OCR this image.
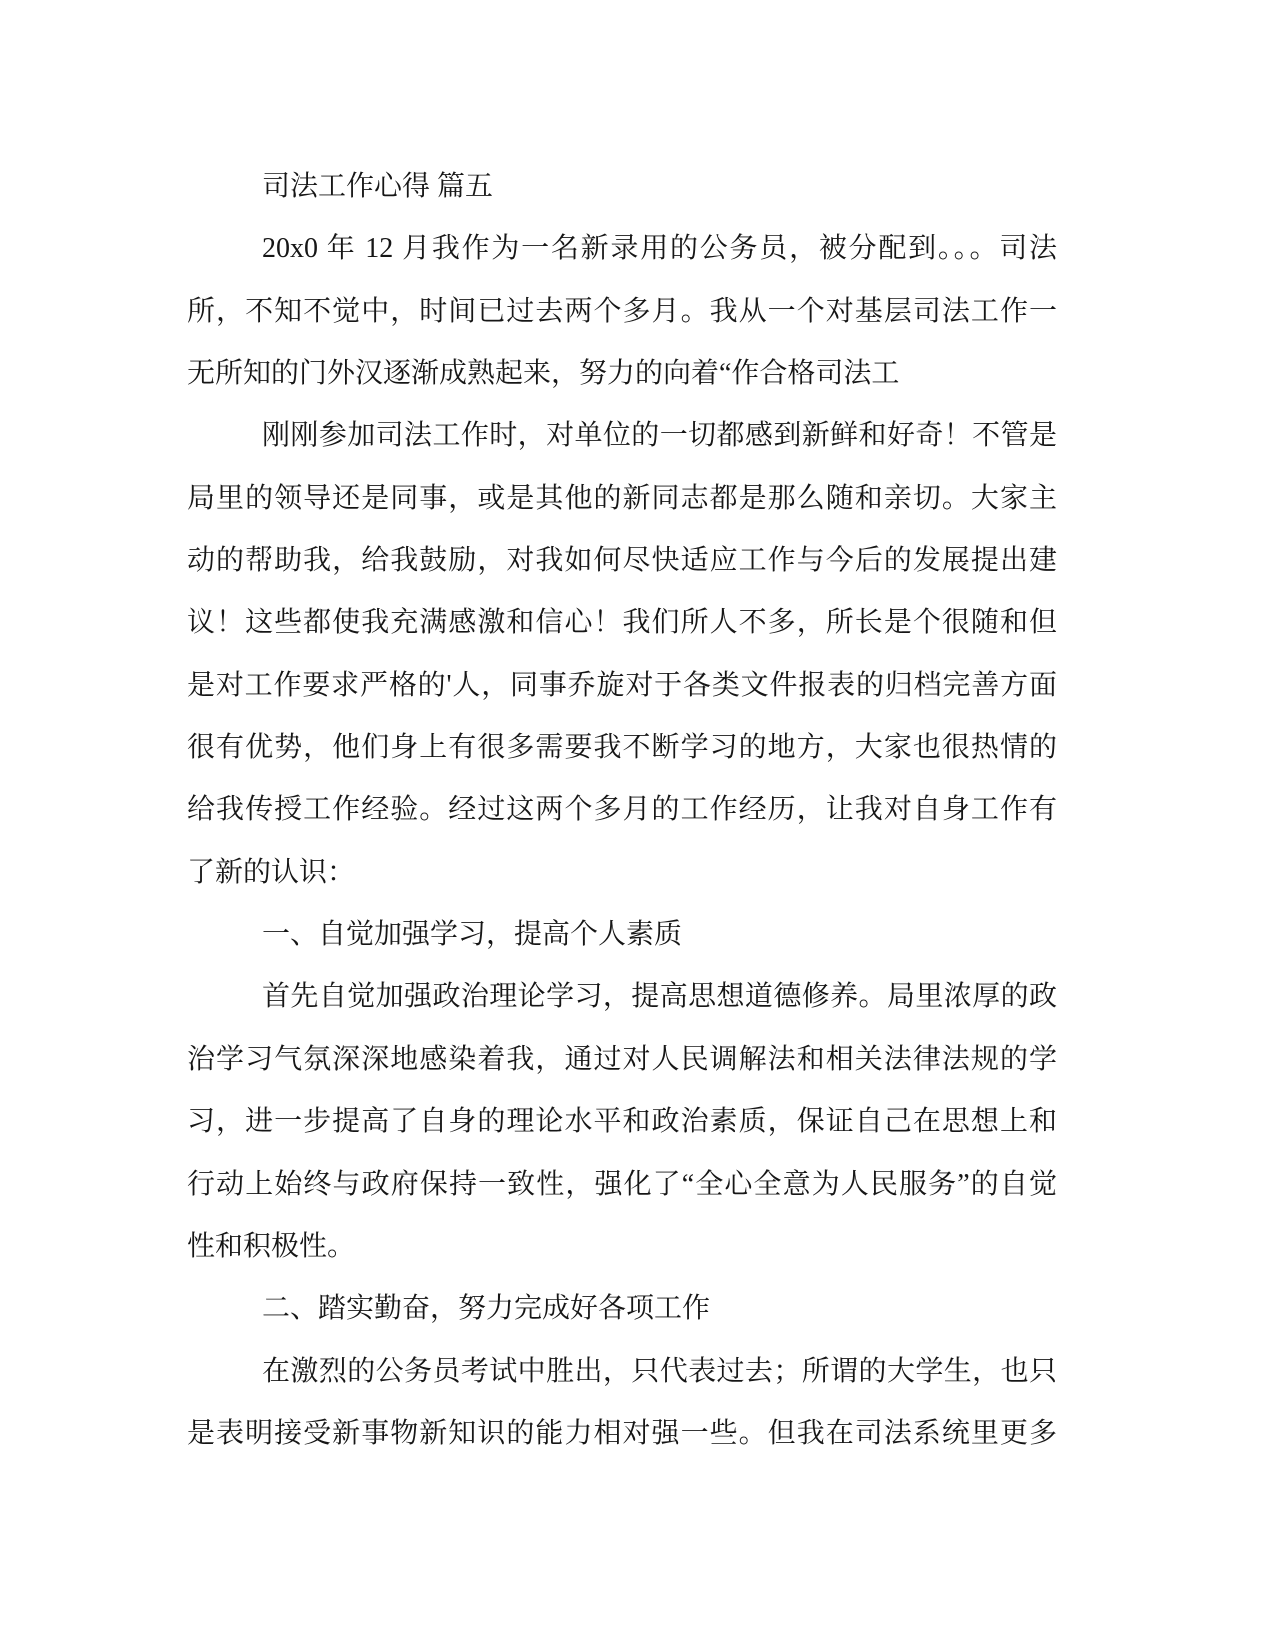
司法工作心得 篇五
20x0 年 12 月我作为一名新录用的公务员，被分配到。。。司法
所，不知不觉中，时间已过去两个多月。我从一个对基层司法工作一
无所知的门外汉逐渐成熟起来，努力的向着“作合格司法工
刚刚参加司法工作时，对单位的一切都感到新鲜和好奇！不管是
局里的领导还是同事，或是其他的新同志都是那么随和亲切。大家主
动的帮助我，给我鼓励，对我如何尽快适应工作与今后的发展提出建
议！这些都使我充满感激和信心！我们所人不多，所长是个很随和但
是对工作要求严格的'人，同事乔旋对于各类文件报表的归档完善方面
很有优势，他们身上有很多需要我不断学习的地方，大家也很热情的
给我传授工作经验。经过这两个多月的工作经历，让我对自身工作有
了新的认识：
一、自觉加强学习，提高个人素质
首先自觉加强政治理论学习，提高思想道德修养。局里浓厚的政
治学习气氛深深地感染着我，通过对人民调解法和相关法律法规的学
习，进一步提高了自身的理论水平和政治素质，保证自己在思想上和
行动上始终与政府保持一致性，强化了“全心全意为人民服务”的自觉
性和积极性。
二、踏实勤奋，努力完成好各项工作
在激烈的公务员考试中胜出，只代表过去；所谓的大学生，也只
是表明接受新事物新知识的能力相对强一些。但我在司法系统里更多
